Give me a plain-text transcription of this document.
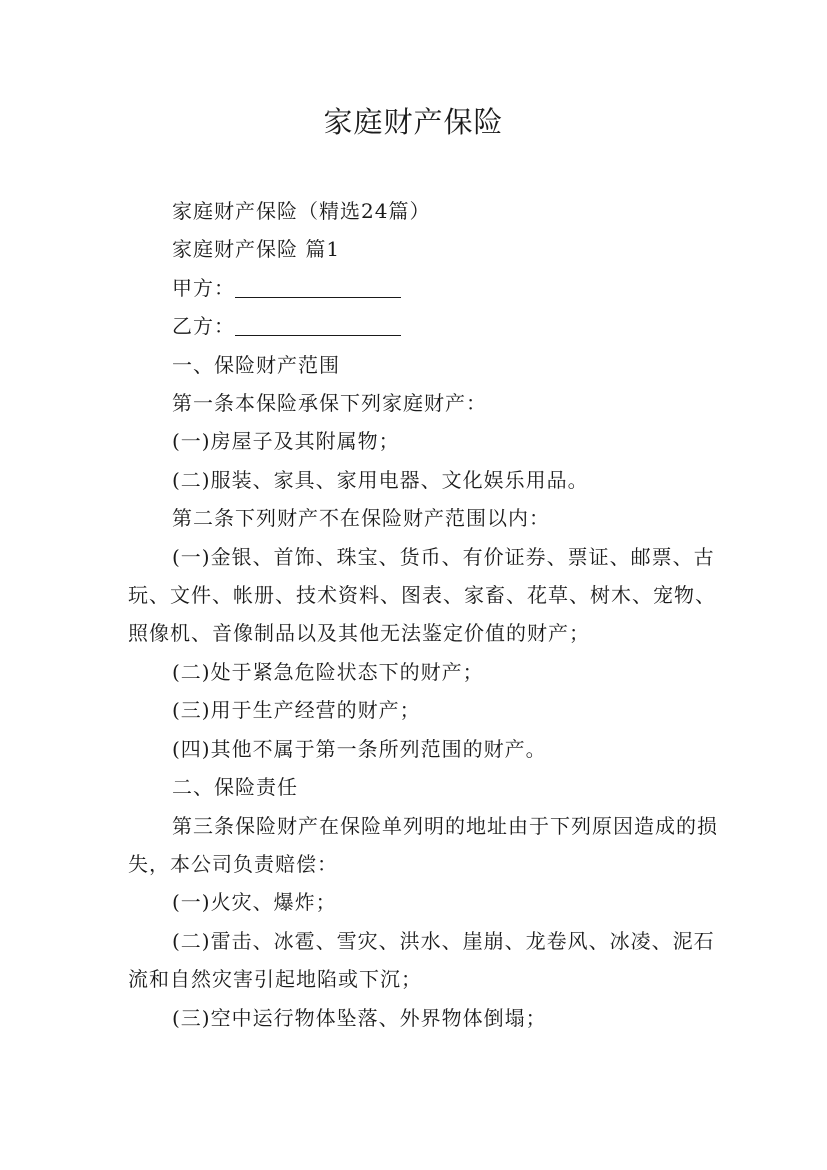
家庭财产保险

家庭财产保险（精选24篇）

家庭财产保险 篇1

甲方：

乙方：

一、保险财产范围

第一条本保险承保下列家庭财产：

(一)房屋子及其附属物；

(二)服装、家具、家用电器、文化娱乐用品。

第二条下列财产不在保险财产范围以内：

(一)金银、首饰、珠宝、货币、有价证券、票证、邮票、古玩、文件、帐册、技术资料、图表、家畜、花草、树木、宠物、照像机、音像制品以及其他无法鉴定价值的财产；

(二)处于紧急危险状态下的财产；

(三)用于生产经营的财产；

(四)其他不属于第一条所列范围的财产。

二、保险责任

第三条保险财产在保险单列明的地址由于下列原因造成的损失，本公司负责赔偿：

(一)火灾、爆炸；

(二)雷击、冰雹、雪灾、洪水、崖崩、龙卷风、冰凌、泥石流和自然灾害引起地陷或下沉；

(三)空中运行物体坠落、外界物体倒塌；
